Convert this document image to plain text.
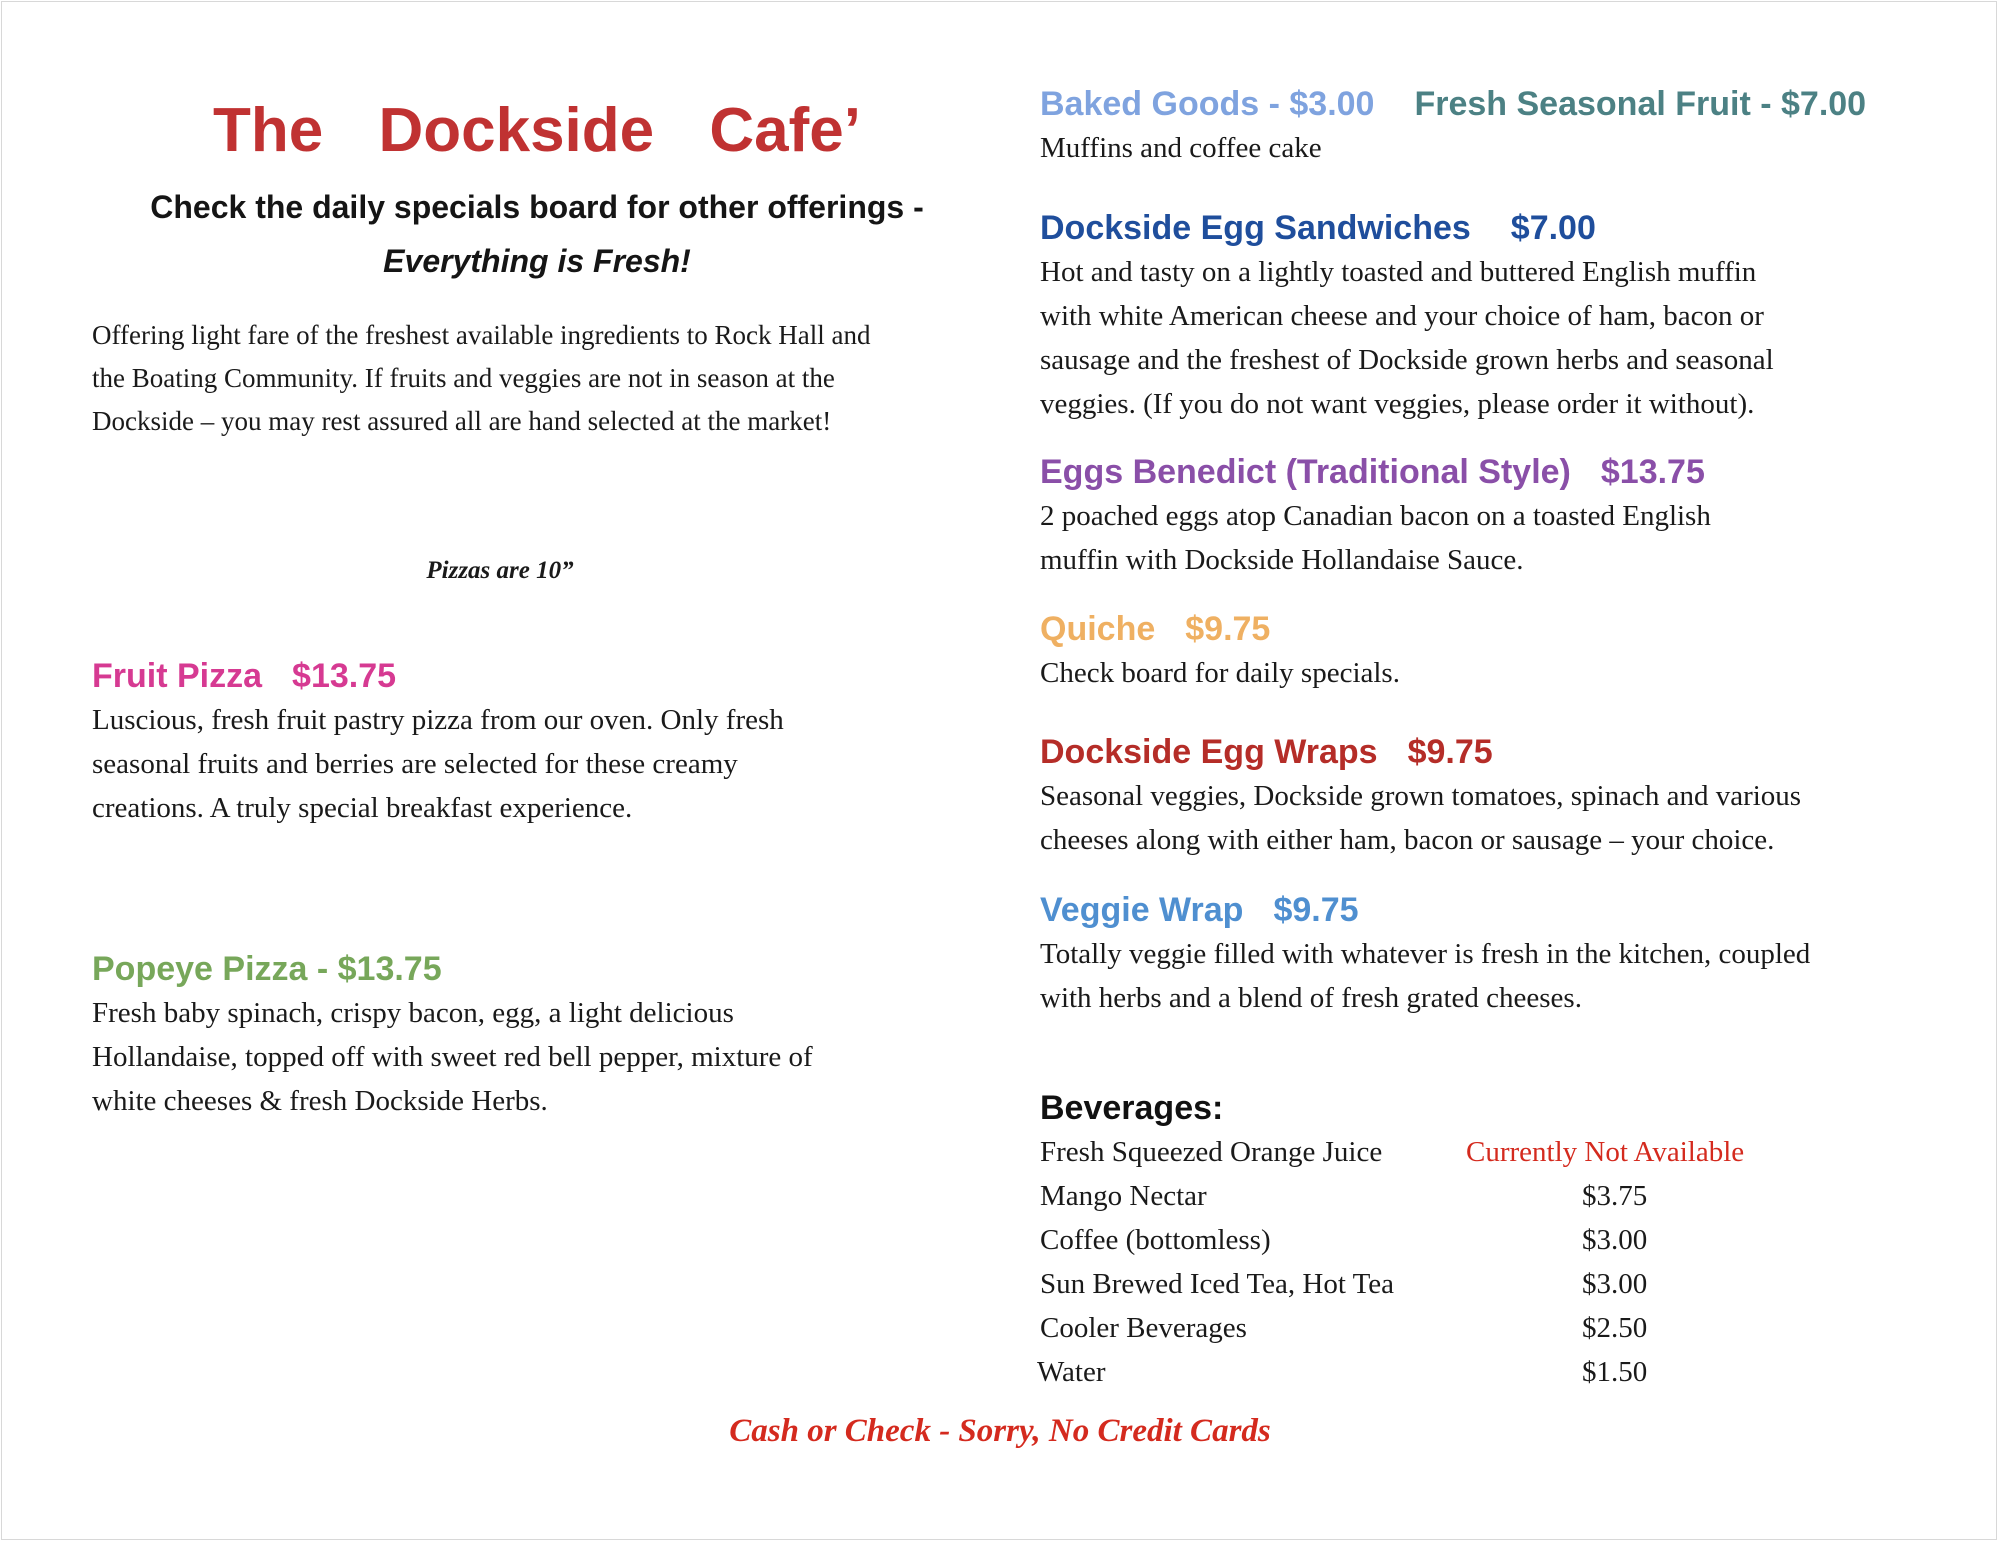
The Dockside Cafe’
Check the daily specials board for other offerings -
Everything is Fresh!
Offering light fare of the freshest available ingredients to Rock Hall and
the Boating Community. If fruits and veggies are not in season at the
Dockside – you may rest assured all are hand selected at the market!
Pizzas are 10”
Fruit Pizza $13.75
Luscious, fresh fruit pastry pizza from our oven. Only fresh
seasonal fruits and berries are selected for these creamy
creations. A truly special breakfast experience.
Popeye Pizza - $13.75
Fresh baby spinach, crispy bacon, egg, a light delicious
Hollandaise, topped off with sweet red bell pepper, mixture of
white cheeses & fresh Dockside Herbs.
Baked Goods - $3.00 Fresh Seasonal Fruit - $7.00
Muffins and coffee cake
Dockside Egg Sandwiches $7.00
Hot and tasty on a lightly toasted and buttered English muffin
with white American cheese and your choice of ham, bacon or
sausage and the freshest of Dockside grown herbs and seasonal
veggies. (If you do not want veggies, please order it without).
Eggs Benedict (Traditional Style) $13.75
2 poached eggs atop Canadian bacon on a toasted English
muffin with Dockside Hollandaise Sauce.
Quiche $9.75
Check board for daily specials.
Dockside Egg Wraps $9.75
Seasonal veggies, Dockside grown tomatoes, spinach and various
cheeses along with either ham, bacon or sausage – your choice.
Veggie Wrap $9.75
Totally veggie filled with whatever is fresh in the kitchen, coupled
with herbs and a blend of fresh grated cheeses.
Beverages:
Fresh Squeezed Orange Juice	Currently Not Available
Mango Nectar	$3.75
Coffee (bottomless)	$3.00
Sun Brewed Iced Tea, Hot Tea	$3.00
Cooler Beverages	$2.50
Water	$1.50
Cash or Check - Sorry, No Credit Cards
